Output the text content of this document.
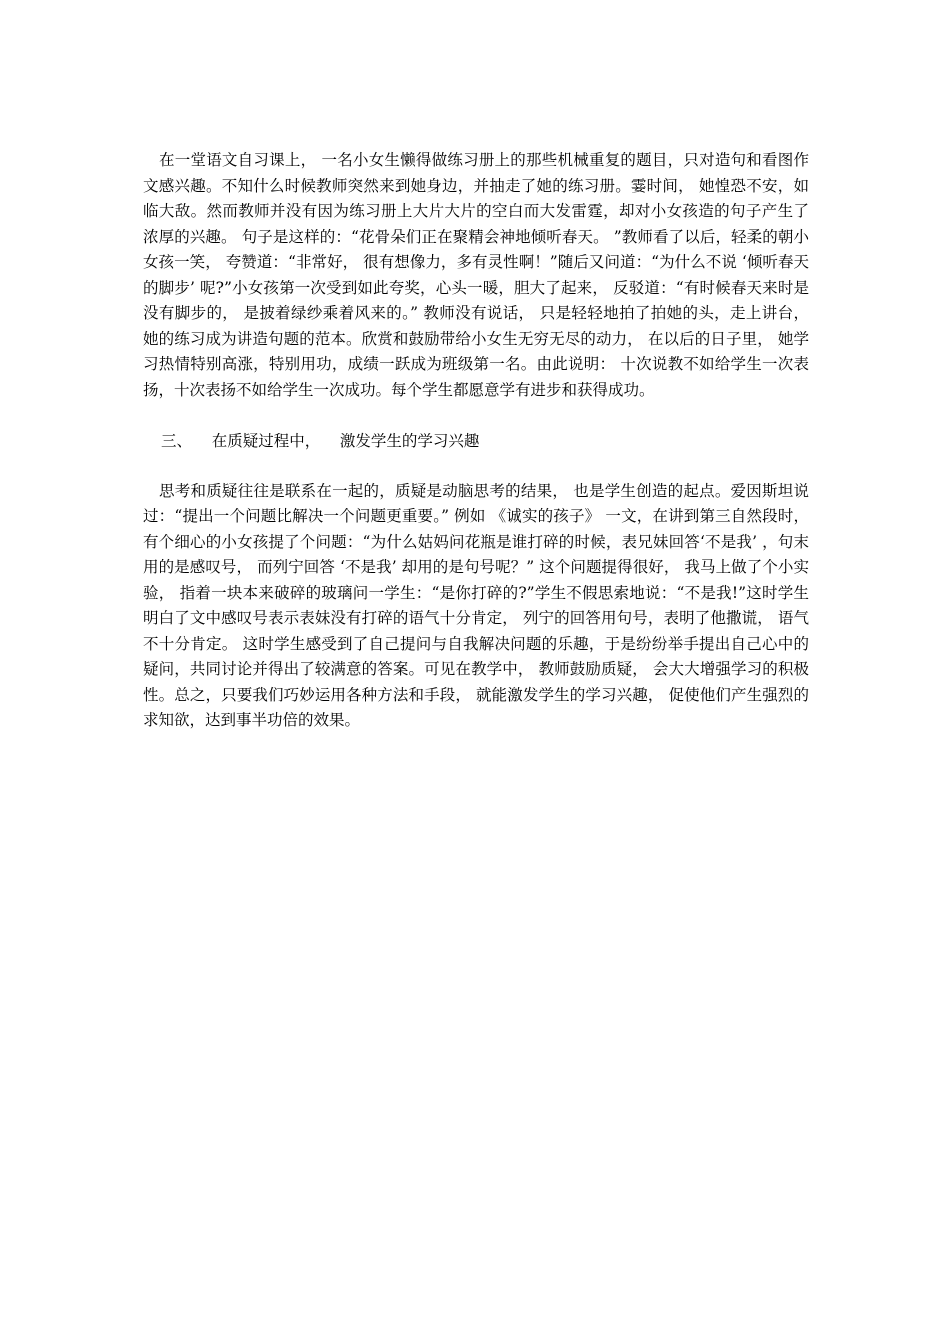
在一堂语文自习课上， 一名小女生懒得做练习册上的那些机械重复的题目，只对造句和看图作文感兴趣。不知什么时候教师突然来到她身边，并抽走了她的练习册。霎时间， 她惶恐不安，如临大敌。然而教师并没有因为练习册上大片大片的空白而大发雷霆，却对小女孩造的句子产生了浓厚的兴趣。 句子是这样的：“花骨朵们正在聚精会神地倾听春天。 ”教师看了以后，轻柔的朝小女孩一笑， 夸赞道：“非常好， 很有想像力，多有灵性啊！”随后又问道：“为什么不说 ‘倾听春天的脚步’ 呢?”小女孩第一次受到如此夸奖，心头一暖，胆大了起来， 反驳道：“有时候春天来时是没有脚步的， 是披着绿纱乘着风来的。” 教师没有说话， 只是轻轻地拍了拍她的头，走上讲台， 她的练习成为讲造句题的范本。欣赏和鼓励带给小女生无穷无尽的动力， 在以后的日子里， 她学习热情特别高涨，特别用功，成绩一跃成为班级第一名。由此说明： 十次说教不如给学生一次表扬，十次表扬不如给学生一次成功。每个学生都愿意学有进步和获得成功。

三、    在质疑过程中，    激发学生的学习兴趣

思考和质疑往往是联系在一起的，质疑是动脑思考的结果， 也是学生创造的起点。爱因斯坦说过：“提出一个问题比解决一个问题更重要。” 例如 《诚实的孩子》 一文，在讲到第三自然段时， 有个细心的小女孩提了个问题：“为什么姑妈问花瓶是谁打碎的时候，表兄妹回答‘不是我’ ，句末用的是感叹号， 而列宁回答 ‘不是我’ 却用的是句号呢？” 这个问题提得很好， 我马上做了个小实验， 指着一块本来破碎的玻璃问一学生：“是你打碎的?”学生不假思索地说：“不是我!”这时学生明白了文中感叹号表示表妹没有打碎的语气十分肯定， 列宁的回答用句号，表明了他撒谎， 语气不十分肯定。 这时学生感受到了自己提问与自我解决问题的乐趣，于是纷纷举手提出自己心中的疑问，共同讨论并得出了较满意的答案。可见在教学中， 教师鼓励质疑， 会大大增强学习的积极性。总之，只要我们巧妙运用各种方法和手段， 就能激发学生的学习兴趣， 促使他们产生强烈的求知欲，达到事半功倍的效果。
